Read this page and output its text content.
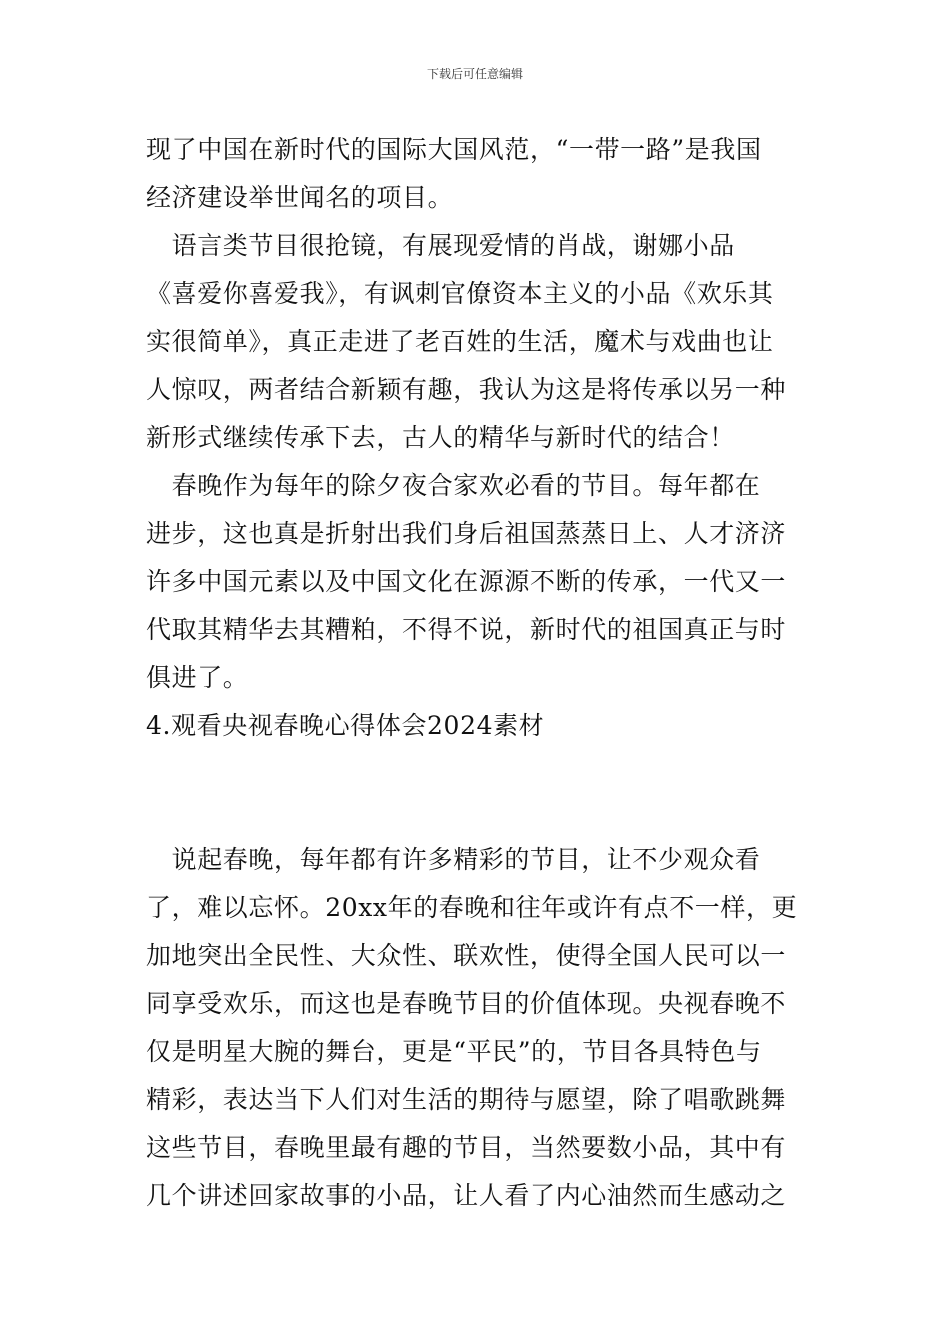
下载后可任意编辑
现了中国在新时代的国际大国风范，“一带一路”是我国
经济建设举世闻名的项目。
　语言类节目很抢镜，有展现爱情的肖战，谢娜小品
《喜爱你喜爱我》，有讽刺官僚资本主义的小品《欢乐其
实很简单》，真正走进了老百姓的生活，魔术与戏曲也让
人惊叹，两者结合新颖有趣，我认为这是将传承以另一种
新形式继续传承下去，古人的精华与新时代的结合！
　春晚作为每年的除夕夜合家欢必看的节目。每年都在
进步，这也真是折射出我们身后祖国蒸蒸日上、人才济济
许多中国元素以及中国文化在源源不断的传承，一代又一
代取其精华去其糟粕，不得不说，新时代的祖国真正与时
俱进了。
4.观看央视春晚心得体会2024素材
　说起春晚，每年都有许多精彩的节目，让不少观众看
了，难以忘怀。20xx年的春晚和往年或许有点不一样，更
加地突出全民性、大众性、联欢性，使得全国人民可以一
同享受欢乐，而这也是春晚节目的价值体现。央视春晚不
仅是明星大腕的舞台，更是“平民”的，节目各具特色与
精彩，表达当下人们对生活的期待与愿望，除了唱歌跳舞
这些节目，春晚里最有趣的节目，当然要数小品，其中有
几个讲述回家故事的小品，让人看了内心油然而生感动之
